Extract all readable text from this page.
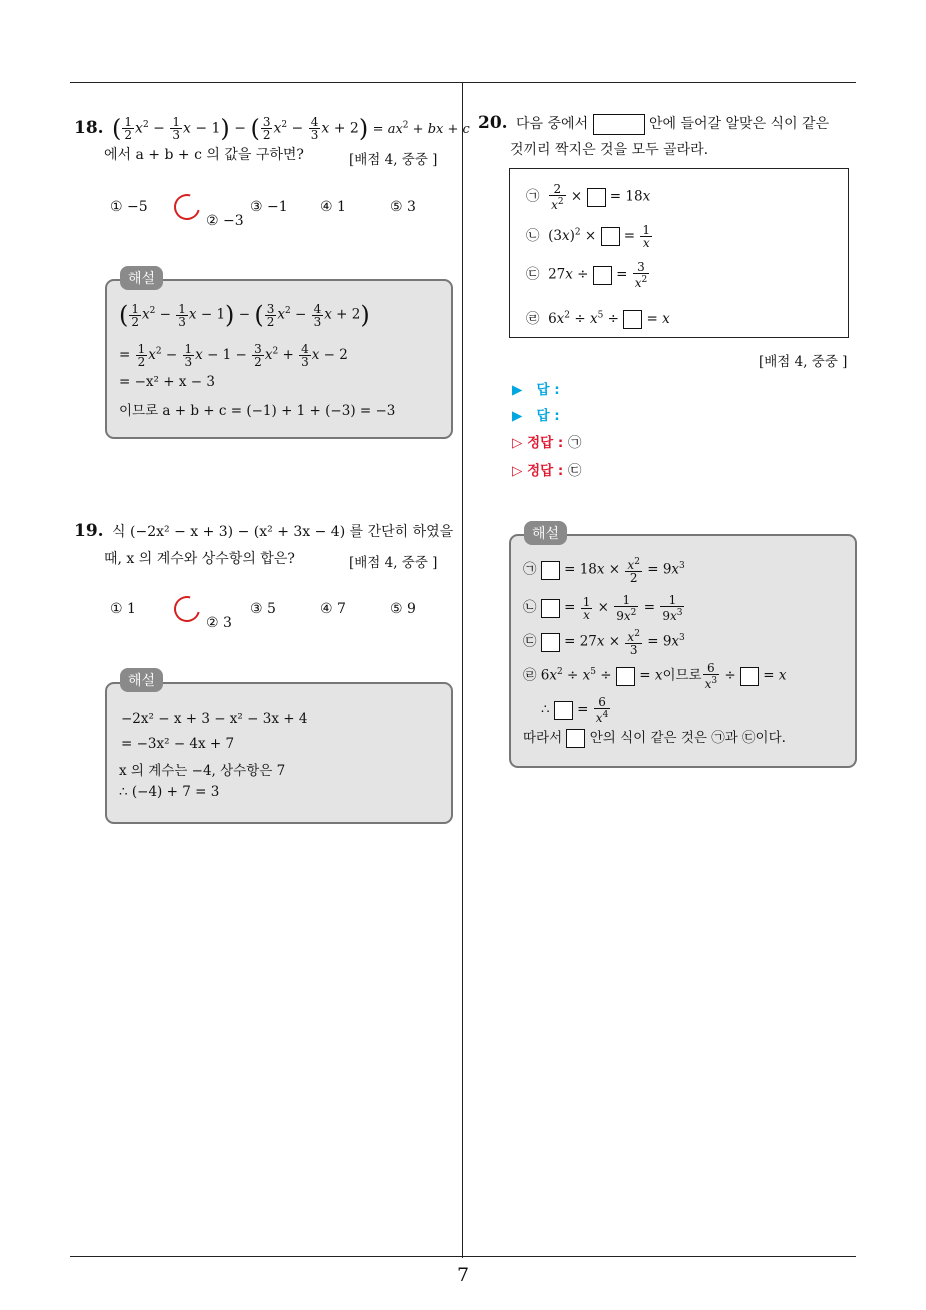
7
18. ( $\frac{1}{2} x^2 - \frac{1}{3}$ x − 1) − ( $\frac{3}{2} x^2 - \frac{4}{3}$ $x + 2) = ax^2$ + bx + c
에서 a + b + c 의 값을 구하면?	[배점 4, 중중 ]
① −5
② −3
③ −1 ④ 1	⑤ 3
( $\frac{1}{2} x^2 - \frac{1}{3}$ x − 1) − ( $\frac{3}{2} x^2 - \frac{4}{3}$ x + 2)
= $\frac{1}{2} x^2 - \frac{1}{3}$ $x - 1 - \frac{3}{2} x^2 + \frac{4}{3}$ x − 2
= −x² + x − 3
이므로 a + b + c = (−1) + 1 + (−3) = −3
해설
19. 식 (−2x² − x + 3) − (x² + 3x − 4) 를 간단히 하였을
때, x 의 계수와 상수항의 합은?	[배점 4, 중중 ]
① 1
② 3
③ 5	④ 7	⑤ 9
−2x² − x + 3 − x² − 3x + 4
= −3x² − 4x + 7
x 의 계수는 −4, 상수항은 7
∴ (−4) + 7 = 3
해설
20. 다음 중에서	안에 들어갈 알맞은 식이 같은
것끼리 짝지은 것을 모두 골라라.
㉠ $\frac{2}{x^2}$ ×  = 18x
㉡  $(3x)^2$ ×  = $\frac{1}{x}$
㉢  27x ÷  = $\frac{3}{x^2}$
㉣  $6x^2 \div x^5$ ÷  = x
[배점 4, 중중 ]
▶ 답 :
▶ 답 :
▷ 정답 : ㉠
▷ 정답 : ㉢
㉠  = $18x \times \frac{x^2}{2} = 9x^3$
㉡  = $\frac{1}{x} \times \frac{1}{9x^2} = \frac{1}{9x^3}$
㉢  = $27x \times \frac{x^2}{3} = 9x^3$
㉣ $6x^2 \div x^5$ ÷  = x이므로 $\frac{6}{x^3}$ ÷  = x
∴  = $\frac{6}{x^4}$
따라서 안의 식이 같은 것은 ㉠과 ㉢이다.
해설
